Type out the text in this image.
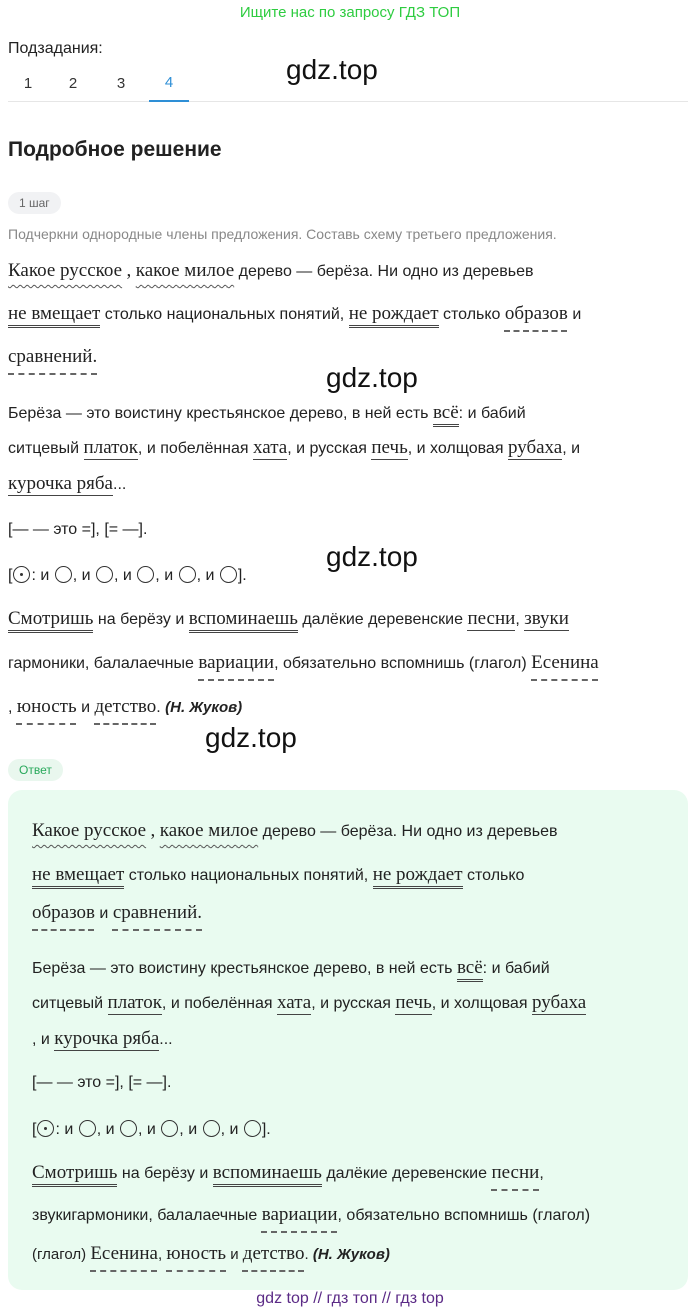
Ищите нас по запросу ГДЗ ТОП
Подзадания:
1	2	3	4	gdz.top
gdz.top
gdz.top
gdz.top
Подробное решение
1 шаг
Подчеркни однородные члены предложения. Составь схему третьего предложения.
Какое русское , какое милое дерево — берёза. Ни одно из деревьев
не вмещает столько национальных понятий, не рождает столько образов и
сравнений.
Берёза — это воистину крестьянское дерево, в ней есть всё: и бабий
ситцевый платок, и побелённая хата, и русская печь, и холщовая рубаха, и
курочка ряба...
[— — это =], [= —].
[ : и , и , и , и , и ].
Смотришь на берёзу и вспоминаешь далёкие деревенские песни, звуки
гармоники, балалаечные вариации, обязательно вспомнишь (глагол) Есенина
, юность и детство. (Н. Жуков)
Ответ
Какое русское , какое милое дерево — берёза. Ни одно из деревьев
не вмещает столько национальных понятий, не рождает столько
образов и сравнений.
Берёза — это воистину крестьянское дерево, в ней есть всё: и бабий
ситцевый платок, и побелённая хата, и русская печь, и холщовая рубаха
, и курочка ряба...
[— — это =], [= —].
[ : и , и , и , и , и ].
Смотришь на берёзу и вспоминаешь далёкие деревенские песни,
звукигармоники, балалаечные вариации, обязательно вспомнишь (глагол)
(глагол) Есенина, юность и детство. (Н. Жуков)
gdz top // гдз топ // гдз top
